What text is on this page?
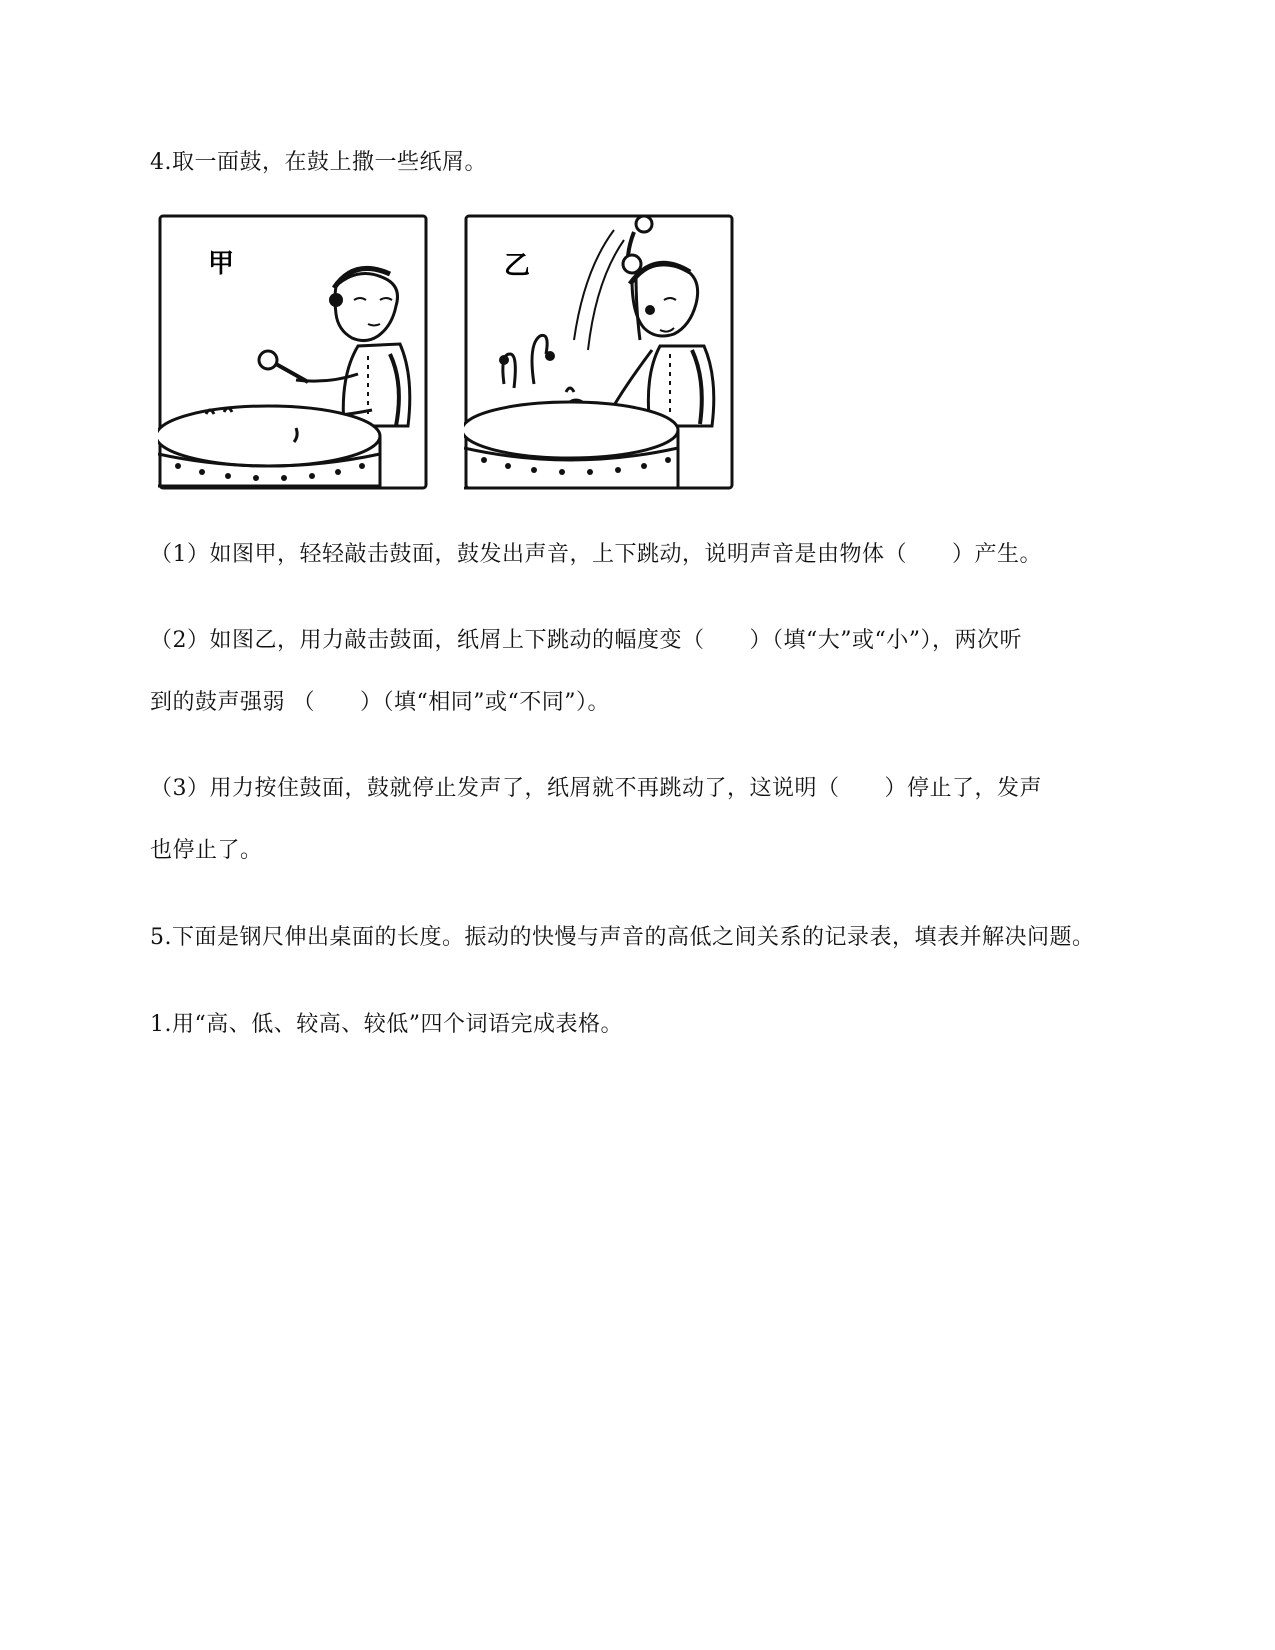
4.取一面鼓，在鼓上撒一些纸屑。
甲	乙
（1）如图甲，轻轻敲击鼓面，鼓发出声音，上下跳动，说明声音是由物体（　　）产生。
（2）如图乙，用力敲击鼓面，纸屑上下跳动的幅度变（　　）（填“大”或“小”），两次听
到的鼓声强弱 （　　）（填“相同”或“不同”）。
（3）用力按住鼓面，鼓就停止发声了，纸屑就不再跳动了，这说明（　　）停止了，发声
也停止了。
5.下面是钢尺伸出桌面的长度。振动的快慢与声音的高低之间关系的记录表，填表并解决问题。
1.用“高、低、较高、较低”四个词语完成表格。
